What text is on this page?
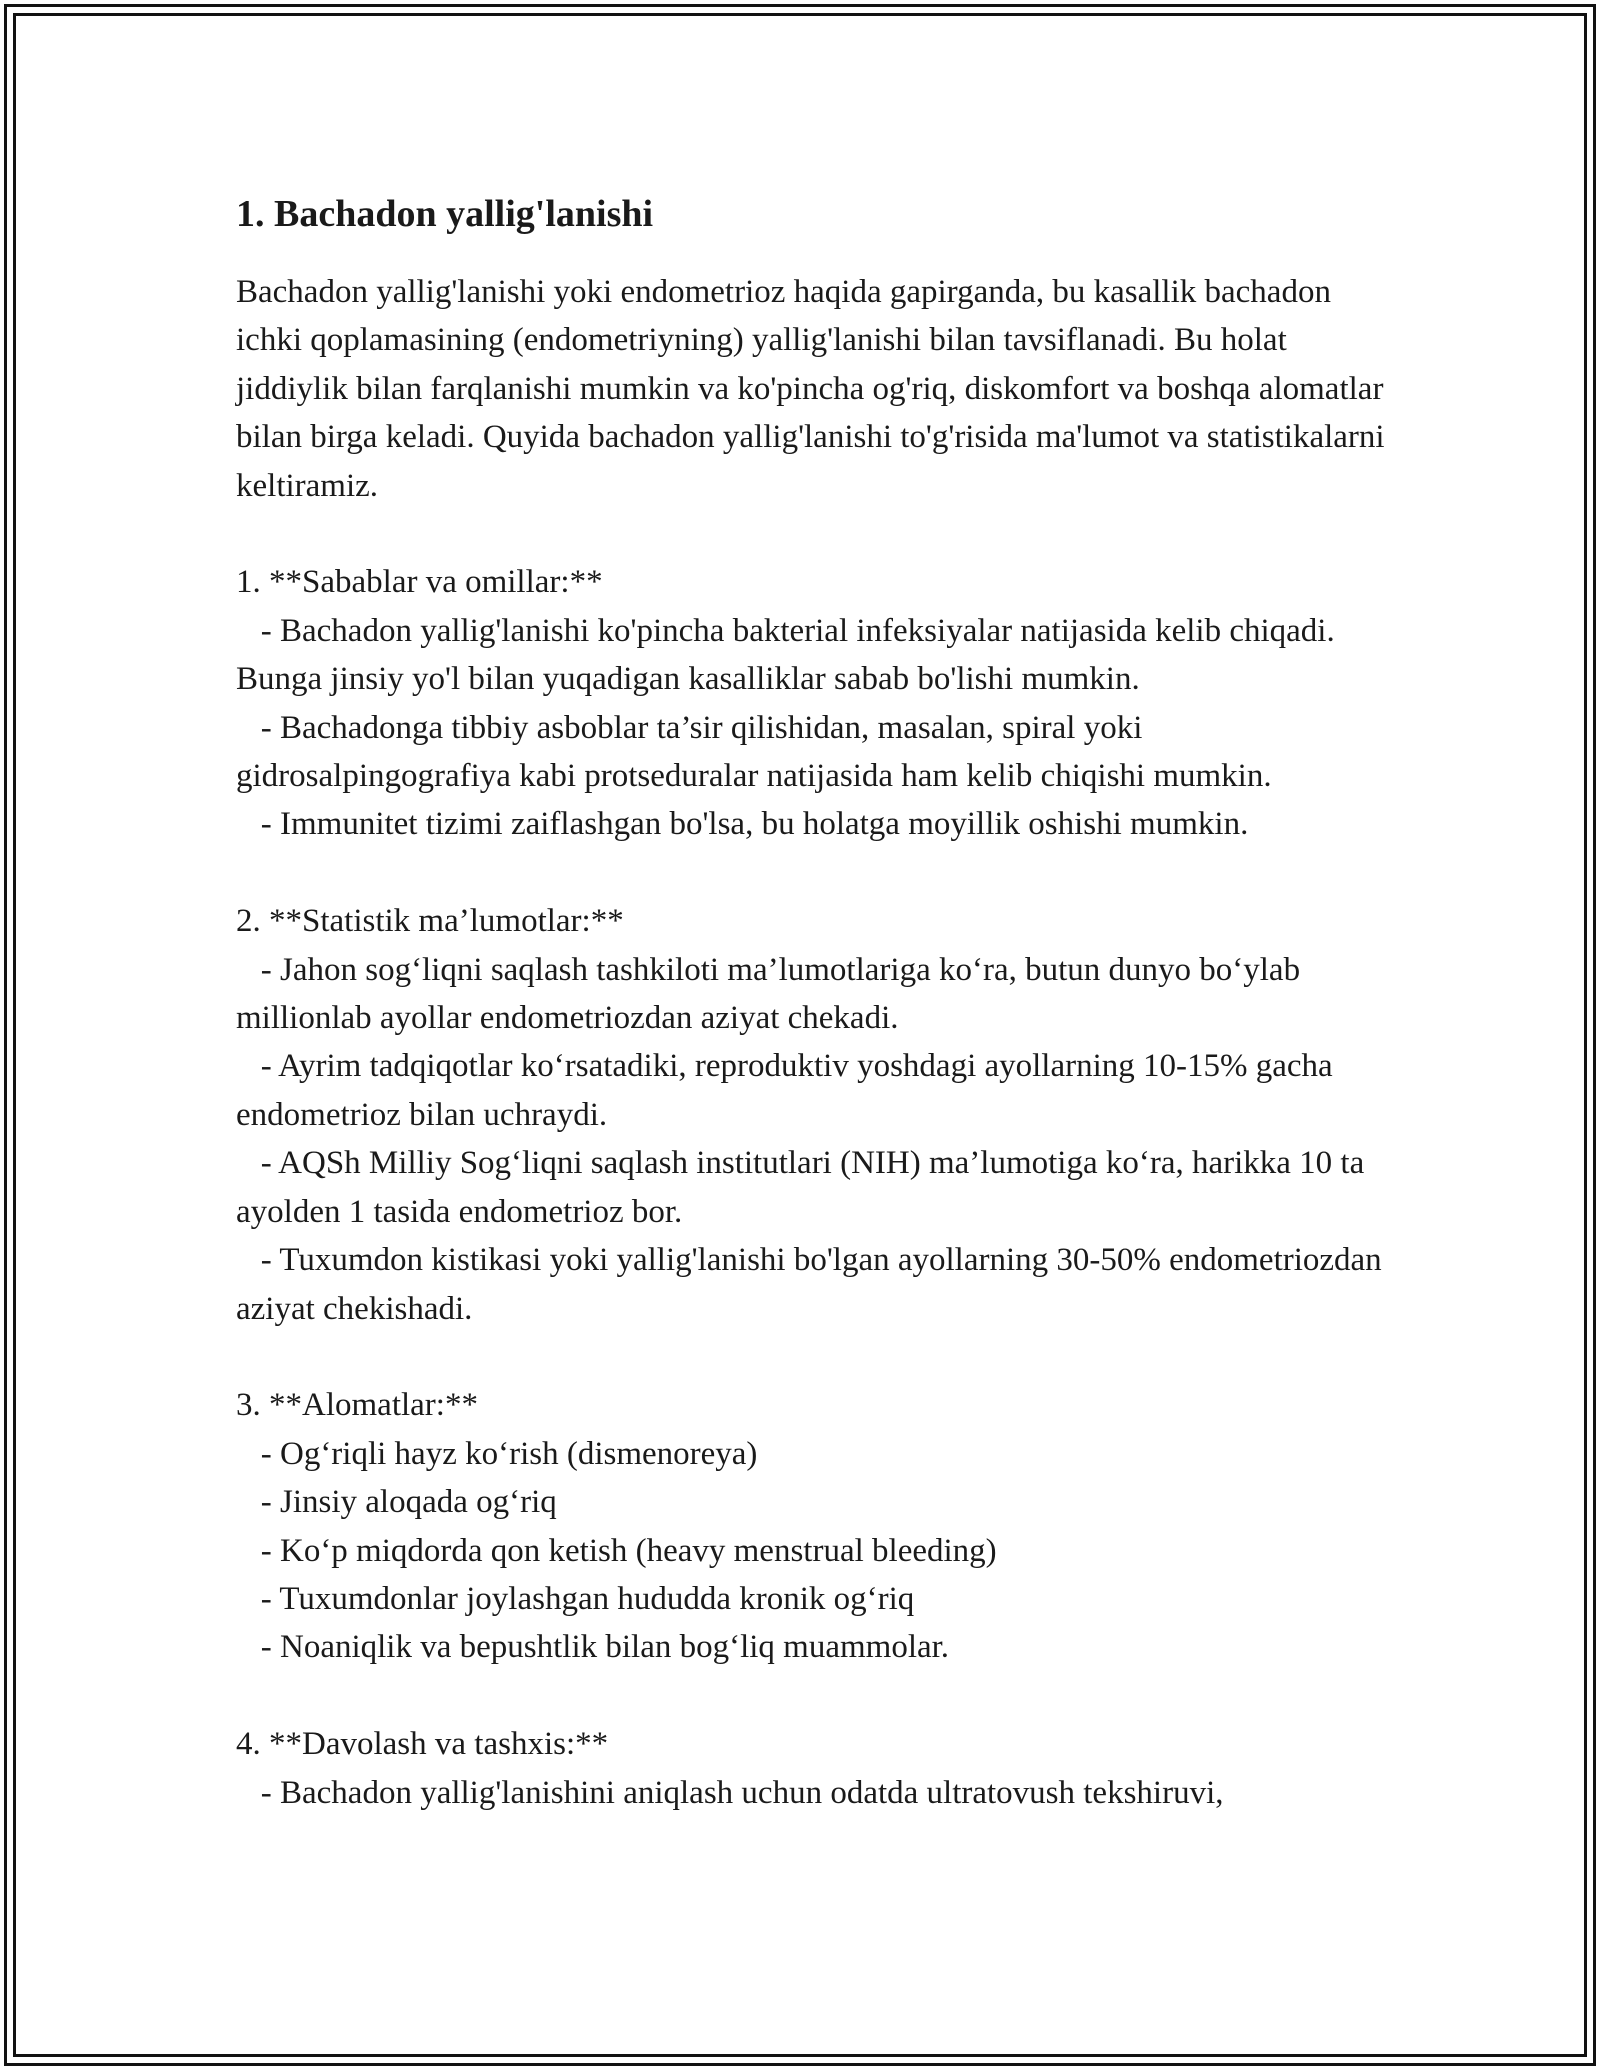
1. Bachadon yallig'lanishi

Bachadon yallig'lanishi yoki endometrioz haqida gapirganda, bu kasallik bachadon ichki qoplamasining (endometriyning) yallig'lanishi bilan tavsiflanadi. Bu holat jiddiylik bilan farqlanishi mumkin va ko'pincha og'riq, diskomfort va boshqa alomatlar bilan birga keladi. Quyida bachadon yallig'lanishi to'g'risida ma'lumot va statistikalarni keltiramiz.

1. **Sabablar va omillar:**

- Bachadon yallig'lanishi ko'pincha bakterial infeksiyalar natijasida kelib chiqadi. Bunga jinsiy yo'l bilan yuqadigan kasalliklar sabab bo'lishi mumkin.

- Bachadonga tibbiy asboblar ta’sir qilishidan, masalan, spiral yoki gidrosalpingografiya kabi protseduralar natijasida ham kelib chiqishi mumkin.

- Immunitet tizimi zaiflashgan bo'lsa, bu holatga moyillik oshishi mumkin.

2. **Statistik ma’lumotlar:**

- Jahon sog‘liqni saqlash tashkiloti ma’lumotlariga ko‘ra, butun dunyo bo‘ylab millionlab ayollar endometriozdan aziyat chekadi.

- Ayrim tadqiqotlar ko‘rsatadiki, reproduktiv yoshdagi ayollarning 10-15% gacha endometrioz bilan uchraydi.

- AQSh Milliy Sog‘liqni saqlash institutlari (NIH) ma’lumotiga ko‘ra, harikka 10 ta ayolden 1 tasida endometrioz bor.

- Tuxumdon kistikasi yoki yallig'lanishi bo'lgan ayollarning 30-50% endometriozdan aziyat chekishadi.

3. **Alomatlar:**

- Og‘riqli hayz ko‘rish (dismenoreya)

- Jinsiy aloqada og‘riq

- Ko‘p miqdorda qon ketish (heavy menstrual bleeding)

- Tuxumdonlar joylashgan hududda kronik og‘riq

- Noaniqlik va bepushtlik bilan bog‘liq muammolar.

4. **Davolash va tashxis:**

- Bachadon yallig'lanishini aniqlash uchun odatda ultratovush tekshiruvi,
